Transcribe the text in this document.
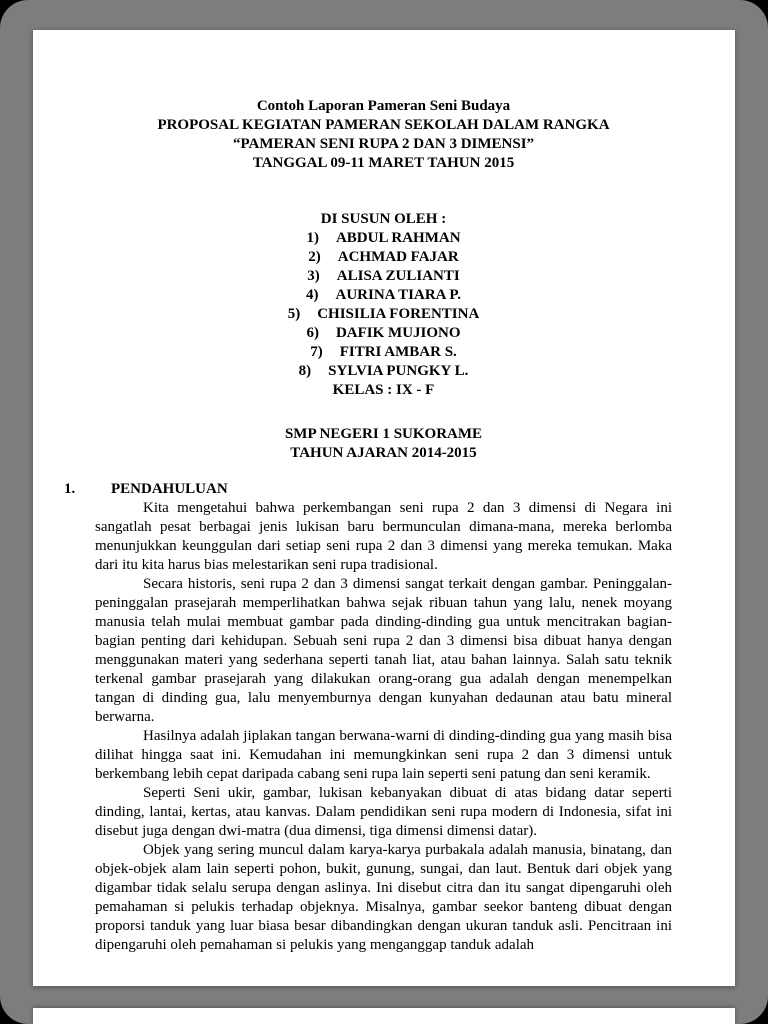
Contoh Laporan Pameran Seni Budaya

PROPOSAL KEGIATAN PAMERAN SEKOLAH DALAM RANGKA

“PAMERAN SENI RUPA 2 DAN 3 DIMENSI”

TANGGAL 09-11 MARET TAHUN 2015

DI SUSUN OLEH :

1) ABDUL RAHMAN

2) ACHMAD FAJAR

3) ALISA ZULIANTI

4) AURINA TIARA P.

5) CHISILIA FORENTINA

6) DAFIK MUJIONO

7) FITRI AMBAR S.

8) SYLVIA PUNGKY L.

KELAS : IX - F

SMP NEGERI 1 SUKORAME

TAHUN AJARAN 2014-2015

1.	PENDAHULUAN

Kita mengetahui bahwa perkembangan seni rupa 2 dan 3 dimensi di Negara ini sangatlah pesat berbagai jenis lukisan baru bermunculan dimana-mana, mereka berlomba menunjukkan keunggulan dari setiap seni rupa 2 dan 3 dimensi yang mereka temukan. Maka dari itu kita harus bias melestarikan seni rupa tradisional.

Secara historis, seni rupa 2 dan 3 dimensi sangat terkait dengan gambar. Peninggalan-peninggalan prasejarah memperlihatkan bahwa sejak ribuan tahun yang lalu, nenek moyang manusia telah mulai membuat gambar pada dinding-dinding gua untuk mencitrakan bagian-bagian penting dari kehidupan. Sebuah seni rupa 2 dan 3 dimensi bisa dibuat hanya dengan menggunakan materi yang sederhana seperti tanah liat, atau bahan lainnya. Salah satu teknik terkenal gambar prasejarah yang dilakukan orang-orang gua adalah dengan menempelkan tangan di dinding gua, lalu menyemburnya dengan kunyahan dedaunan atau batu mineral berwarna.

Hasilnya adalah jiplakan tangan berwana-warni di dinding-dinding gua yang masih bisa dilihat hingga saat ini. Kemudahan ini memungkinkan seni rupa 2 dan 3 dimensi untuk berkembang lebih cepat daripada cabang seni rupa lain seperti seni patung dan seni keramik.

Seperti Seni ukir, gambar, lukisan kebanyakan dibuat di atas bidang datar seperti dinding, lantai, kertas, atau kanvas. Dalam pendidikan seni rupa modern di Indonesia, sifat ini disebut juga dengan dwi-matra (dua dimensi, tiga dimensi dimensi datar).

Objek yang sering muncul dalam karya-karya purbakala adalah manusia, binatang, dan objek-objek alam lain seperti pohon, bukit, gunung, sungai, dan laut. Bentuk dari objek yang digambar tidak selalu serupa dengan aslinya. Ini disebut citra dan itu sangat dipengaruhi oleh pemahaman si pelukis terhadap objeknya. Misalnya, gambar seekor banteng dibuat dengan proporsi tanduk yang luar biasa besar dibandingkan dengan ukuran tanduk asli. Pencitraan ini dipengaruhi oleh pemahaman si pelukis yang menganggap tanduk adalah
